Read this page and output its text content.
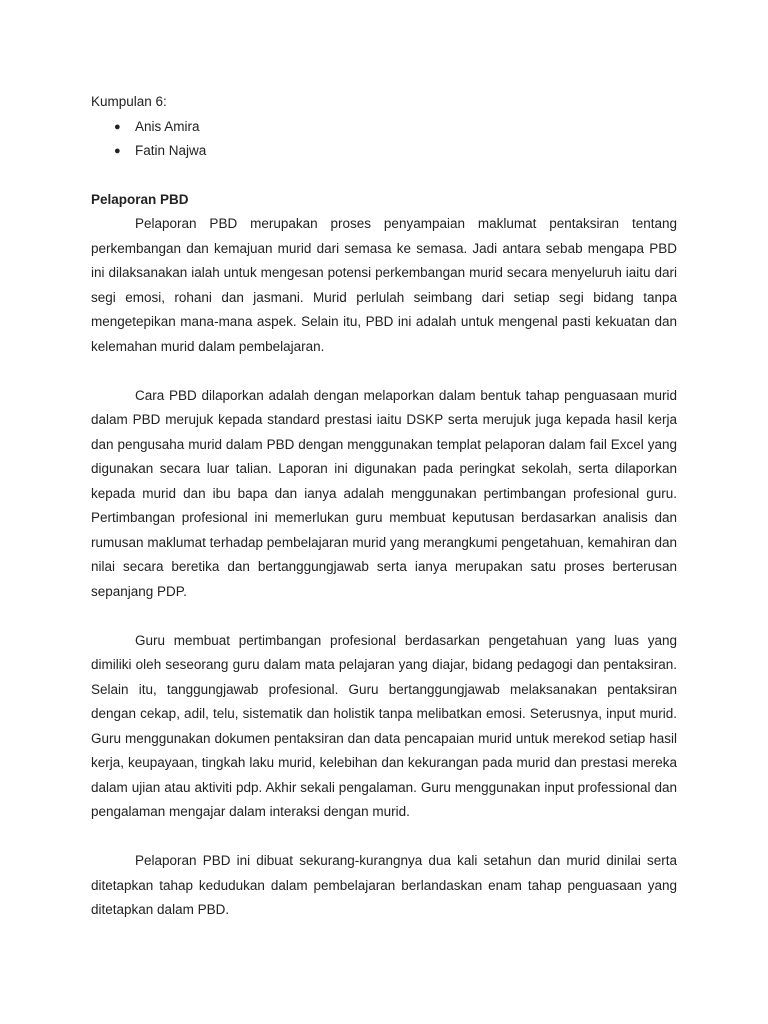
Kumpulan 6:

● Anis Amira
● Fatin Najwa
Pelaporan PBD

Pelaporan PBD merupakan proses penyampaian maklumat pentaksiran tentang perkembangan dan kemajuan murid dari semasa ke semasa. Jadi antara sebab mengapa PBD ini dilaksanakan ialah untuk mengesan potensi perkembangan murid secara menyeluruh iaitu dari segi emosi, rohani dan jasmani. Murid perlulah seimbang dari setiap segi bidang tanpa mengetepikan mana-mana aspek. Selain itu, PBD ini adalah untuk mengenal pasti kekuatan dan kelemahan murid dalam pembelajaran.

Cara PBD dilaporkan adalah dengan melaporkan dalam bentuk tahap penguasaan murid dalam PBD merujuk kepada standard prestasi iaitu DSKP serta merujuk juga kepada hasil kerja dan pengusaha murid dalam PBD dengan menggunakan templat pelaporan dalam fail Excel yang digunakan secara luar talian. Laporan ini digunakan pada peringkat sekolah, serta dilaporkan kepada murid dan ibu bapa dan ianya adalah menggunakan pertimbangan profesional guru. Pertimbangan profesional ini memerlukan guru membuat keputusan berdasarkan analisis dan rumusan maklumat terhadap pembelajaran murid yang merangkumi pengetahuan, kemahiran dan nilai secara beretika dan bertanggungjawab serta ianya merupakan satu proses berterusan sepanjang PDP.

Guru membuat pertimbangan profesional berdasarkan pengetahuan yang luas yang dimiliki oleh seseorang guru dalam mata pelajaran yang diajar, bidang pedagogi dan pentaksiran. Selain itu, tanggungjawab profesional. Guru bertanggungjawab melaksanakan pentaksiran dengan cekap, adil, telu, sistematik dan holistik tanpa melibatkan emosi. Seterusnya, input murid. Guru menggunakan dokumen pentaksiran dan data pencapaian murid untuk merekod setiap hasil kerja, keupayaan, tingkah laku murid, kelebihan dan kekurangan pada murid dan prestasi mereka dalam ujian atau aktiviti pdp. Akhir sekali pengalaman. Guru menggunakan input professional dan pengalaman mengajar dalam interaksi dengan murid.

Pelaporan PBD ini dibuat sekurang-kurangnya dua kali setahun dan murid dinilai serta ditetapkan tahap kedudukan dalam pembelajaran berlandaskan enam tahap penguasaan yang ditetapkan dalam PBD.
